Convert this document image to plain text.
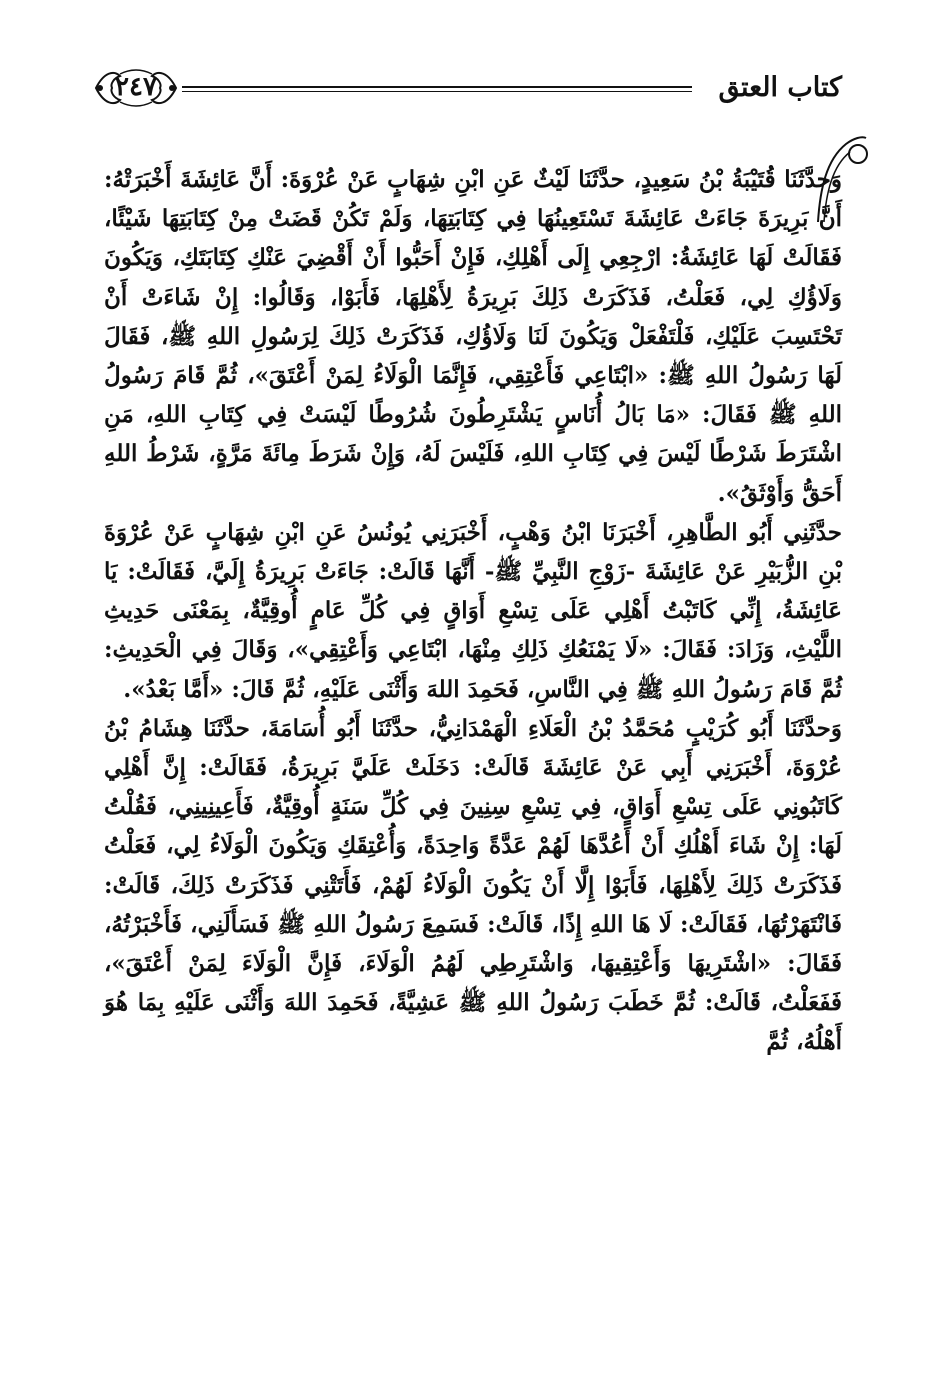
كتاب العتق
٢٤٧

وَحدَّثَنَا قُتَيْبَةُ بْنُ سَعِيدٍ، حدَّثَنَا لَيْثٌ عَنِ ابْنِ شِهَابٍ عَنْ عُرْوَةَ: أَنَّ عَائِشَةَ أَخْبَرَتْهُ: أَنَّ بَرِيرَةَ جَاءَتْ عَائِشَةَ تَسْتَعِينُهَا فِي كِتَابَتِهَا، وَلَمْ تَكُنْ قَضَتْ مِنْ كِتَابَتِهَا شَيْئًا، فَقَالَتْ لَهَا عَائِشَةُ: ارْجِعِي إِلَى أَهْلِكِ، فَإِنْ أَحَبُّوا أَنْ أَقْضِيَ عَنْكِ كِتَابَتَكِ، وَيَكُونَ وَلَاؤُكِ لِي، فَعَلْتُ، فَذَكَرَتْ ذَلِكَ بَرِيرَةُ لِأَهْلِهَا، فَأَبَوْا، وَقَالُوا: إِنْ شَاءَتْ أَنْ تَحْتَسِبَ عَلَيْكِ، فَلْتَفْعَلْ وَيَكُونَ لَنَا وَلَاؤُكِ، فَذَكَرَتْ ذَلِكَ لِرَسُولِ اللهِ ﷺ، فَقَالَ لَهَا رَسُولُ اللهِ ﷺ: «ابْتَاعِي فَأَعْتِقِي، فَإِنَّمَا الْوَلَاءُ لِمَنْ أَعْتَقَ»، ثُمَّ قَامَ رَسُولُ اللهِ ﷺ فَقَالَ: «مَا بَالُ أُنَاسٍ يَشْتَرِطُونَ شُرُوطًا لَيْسَتْ فِي كِتَابِ اللهِ، مَنِ اشْتَرَطَ شَرْطًا لَيْسَ فِي كِتَابِ اللهِ، فَلَيْسَ لَهُ، وَإِنْ شَرَطَ مِائَةَ مَرَّةٍ، شَرْطُ اللهِ أَحَقُّ وَأَوْثَقُ».

حدَّثَنِي أَبُو الطَّاهِرِ، أَخْبَرَنَا ابْنُ وَهْبٍ، أَخْبَرَنِي يُونُسُ عَنِ ابْنِ شِهَابٍ عَنْ عُرْوَةَ بْنِ الزُّبَيْرِ عَنْ عَائِشَةَ -زَوْجِ النَّبِيِّ ﷺ- أَنَّهَا قَالَتْ: جَاءَتْ بَرِيرَةُ إِلَيَّ، فَقَالَتْ: يَا عَائِشَةُ، إِنِّي كَاتَبْتُ أَهْلِي عَلَى تِسْعِ أَوَاقٍ فِي كُلِّ عَامٍ أُوقِيَّةٌ، بِمَعْنَى حَدِيثِ اللَّيْثِ، وَزَادَ: فَقَالَ: «لَا يَمْنَعُكِ ذَلِكِ مِنْهَا، ابْتَاعِي وَأَعْتِقِي»، وَقَالَ فِي الْحَدِيثِ: ثُمَّ قَامَ رَسُولُ اللهِ ﷺ فِي النَّاسِ، فَحَمِدَ اللهَ وَأَثْنَى عَلَيْهِ، ثُمَّ قَالَ: «أَمَّا بَعْدُ».

وَحدَّثَنَا أَبُو كُرَيْبٍ مُحَمَّدُ بْنُ الْعَلَاءِ الْهَمْدَانِيُّ، حدَّثَنَا أَبُو أُسَامَةَ، حدَّثَنَا هِشَامُ بْنُ عُرْوَةَ، أَخْبَرَنِي أَبِي عَنْ عَائِشَةَ قَالَتْ: دَخَلَتْ عَلَيَّ بَرِيرَةُ، فَقَالَتْ: إِنَّ أَهْلِي كَاتَبُونِي عَلَى تِسْعِ أَوَاقٍ، فِي تِسْعِ سِنِينَ فِي كُلِّ سَنَةٍ أُوقِيَّةٌ، فَأَعِينِينِي، فَقُلْتُ لَهَا: إِنْ شَاءَ أَهْلُكِ أَنْ أَعُدَّهَا لَهُمْ عَدَّةً وَاحِدَةً، وَأُعْتِقَكِ وَيَكُونَ الْوَلَاءُ لِي، فَعَلْتُ فَذَكَرَتْ ذَلِكَ لِأَهْلِهَا، فَأَبَوْا إِلَّا أَنْ يَكُونَ الْوَلَاءُ لَهُمْ، فَأَتَتْنِي فَذَكَرَتْ ذَلِكَ، قَالَتْ: فَانْتَهَرْتُهَا، فَقَالَتْ: لَا هَا اللهِ إِذًا، قَالَتْ: فَسَمِعَ رَسُولُ اللهِ ﷺ فَسَأَلَنِي، فَأَخْبَرْتُهُ، فَقَالَ: «اشْتَرِيهَا وَأَعْتِقِيهَا، وَاشْتَرِطِي لَهُمُ الْوَلَاءَ، فَإِنَّ الْوَلَاءَ لِمَنْ أَعْتَقَ»، فَفَعَلْتُ، قَالَتْ: ثُمَّ خَطَبَ رَسُولُ اللهِ ﷺ عَشِيَّةً، فَحَمِدَ اللهَ وَأَثْنَى عَلَيْهِ بِمَا هُوَ أَهْلُهُ، ثُمَّ
